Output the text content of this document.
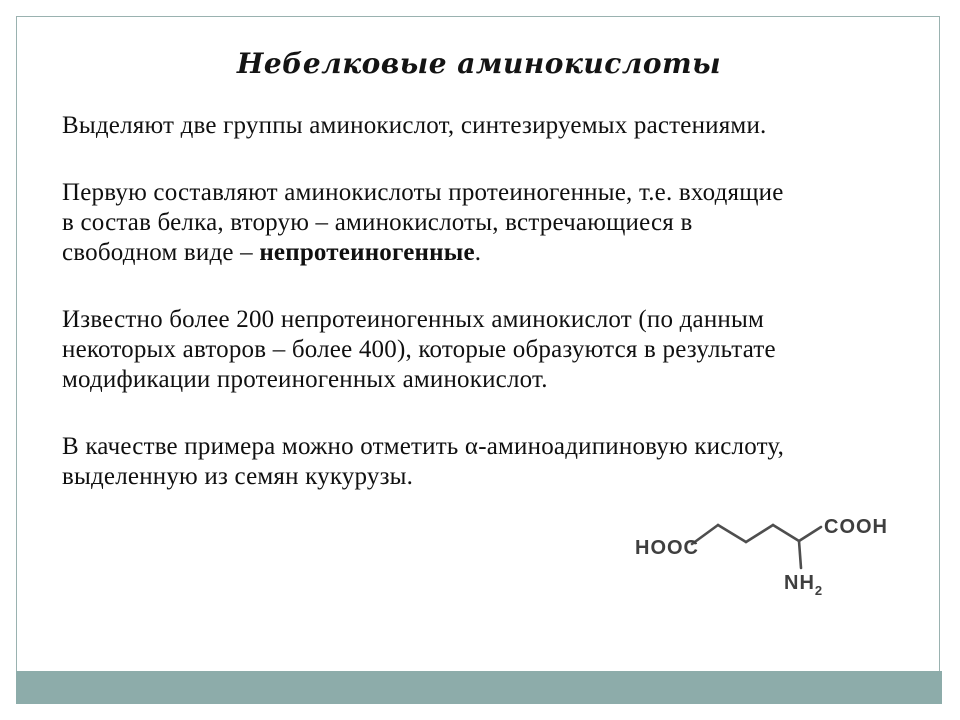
Небелковые аминокислоты
Выделяют две группы аминокислот, синтезируемых растениями.
Первую составляют аминокислоты протеиногенные, т.е. входящие
в состав белка, вторую – аминокислоты, встречающиеся в
свободном виде – непротеиногенные.
Известно более 200 непротеиногенных аминокислот (по данным
некоторых авторов – более 400), которые образуются в результате
модификации протеиногенных аминокислот.
В качестве примера можно отметить α-аминоадипиновую кислоту,
выделенную из семян кукурузы.
HOOC
COOH
$NH_2$
